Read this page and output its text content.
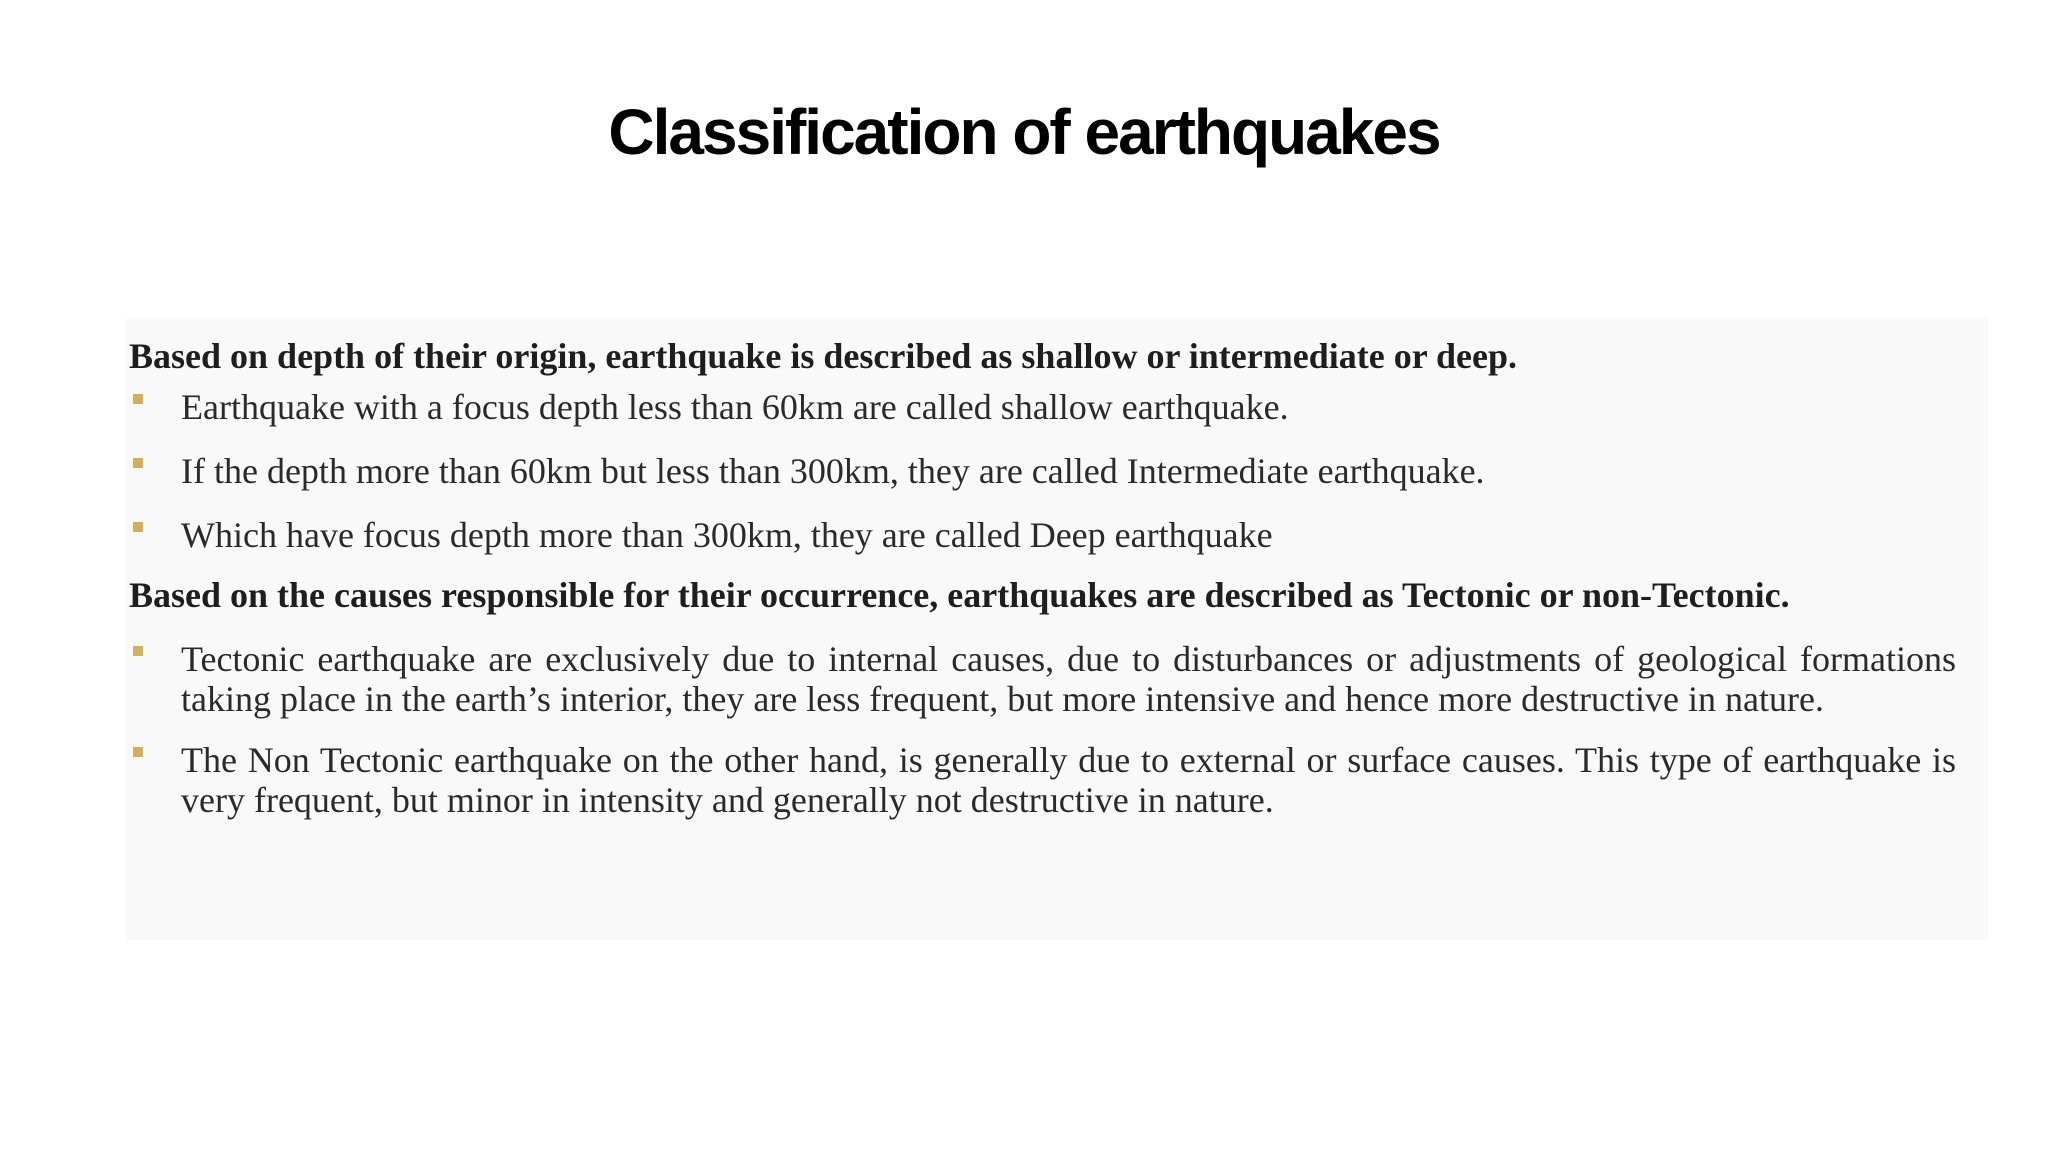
Classification of earthquakes

Based on depth of their origin, earthquake is described as shallow or intermediate or deep.

Earthquake with a focus depth less than 60km are called shallow earthquake.
If the depth more than 60km but less than 300km, they are called Intermediate earthquake.
Which have focus depth more than 300km, they are called Deep earthquake

Based on the causes responsible for their occurrence, earthquakes are described as Tectonic or non-Tectonic.

Tectonic earthquake are exclusively due to internal causes, due to disturbances or adjustments of geological formations taking place in the earth’s interior, they are less frequent, but more intensive and hence more destructive in nature.
The Non Tectonic earthquake on the other hand, is generally due to external or surface causes. This type of earthquake is very frequent, but minor in intensity and generally not destructive in nature.
